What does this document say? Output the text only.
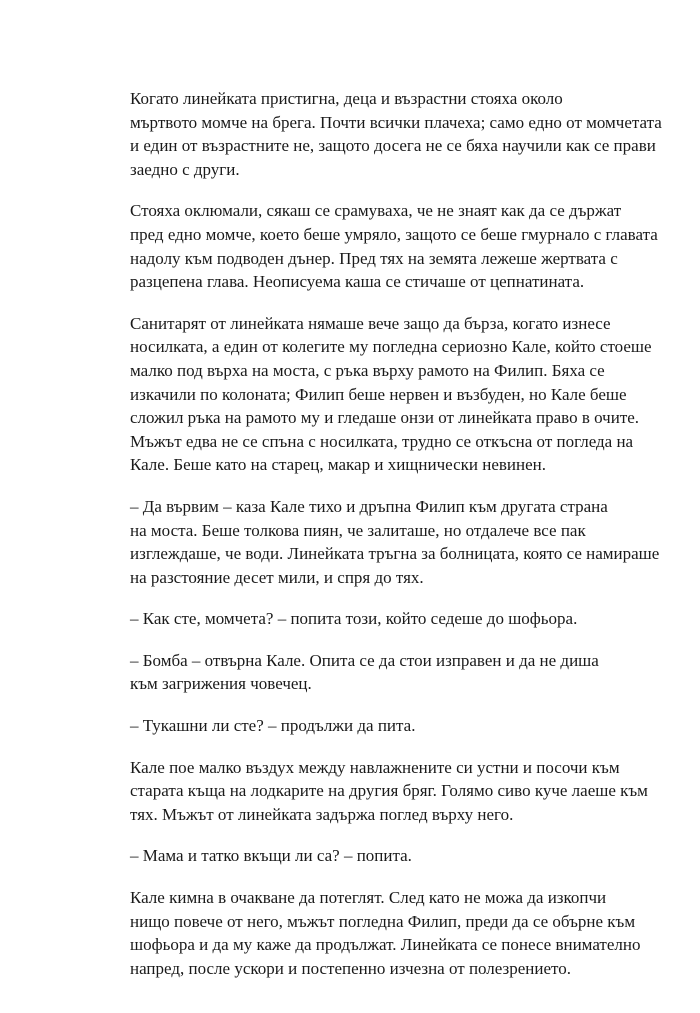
Когато линейката пристигна, деца и възрастни стояха около
мъртвото момче на брега. Почти всички плачеха; само едно от момчетата
и един от възрастните не, защото досега не се бяха научили как се прави
заедно с други.

Стояха оклюмали, сякаш се срамуваха, че не знаят как да се държат
пред едно момче, което беше умряло, защото се беше гмурнало с главата
надолу към подводен дънер. Пред тях на земята лежеше жертвата с
разцепена глава. Неописуема каша се стичаше от цепнатината.

Санитарят от линейката нямаше вече защо да бърза, когато изнесе
носилката, а един от колегите му погледна сериозно Кале, който стоеше
малко под върха на моста, с ръка върху рамото на Филип. Бяха се
изкачили по колоната; Филип беше нервен и възбуден, но Кале беше
сложил ръка на рамото му и гледаше онзи от линейката право в очите.
Мъжът едва не се спъна с носилката, трудно се откъсна от погледа на
Кале. Беше като на старец, макар и хищнически невинен.

– Да вървим – каза Кале тихо и дръпна Филип към другата страна
на моста. Беше толкова пиян, че залиташе, но отдалече все пак
изглеждаше, че води. Линейката тръгна за болницата, която се намираше
на разстояние десет мили, и спря до тях.

– Как сте, момчета? – попита този, който седеше до шофьора.

– Бомба – отвърна Кале. Опита се да стои изправен и да не диша
към загрижения човечец.

– Тукашни ли сте? – продължи да пита.

Кале пое малко въздух между навлажнените си устни и посочи към
старата къща на лодкарите на другия бряг. Голямо сиво куче лаеше към
тях. Мъжът от линейката задържа поглед върху него.

– Мама и татко вкъщи ли са? – попита.

Кале кимна в очакване да потеглят. След като не можа да изкопчи
нищо повече от него, мъжът погледна Филип, преди да се обърне към
шофьора и да му каже да продължат. Линейката се понесе внимателно
напред, после ускори и постепенно изчезна от полезрението.
